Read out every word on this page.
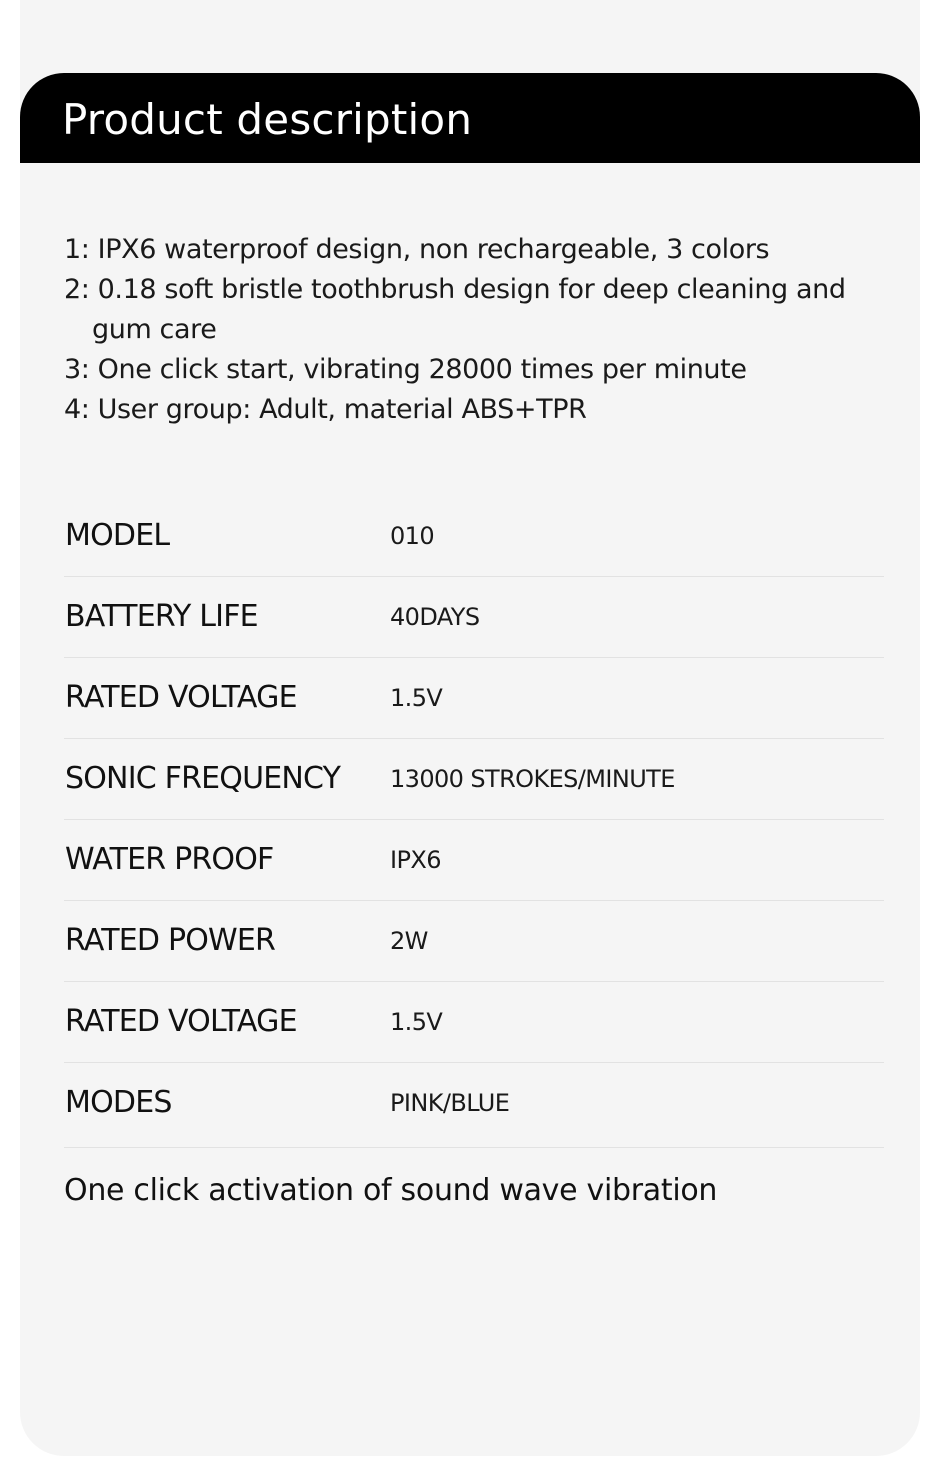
Product description
1: IPX6 waterproof design, non rechargeable, 3 colors
2: 0.18 soft bristle toothbrush design for deep cleaning and gum care
3: One click start, vibrating 28000 times per minute
4: User group: Adult, material ABS+TPR
MODEL	010
BATTERY LIFE	40DAYS
RATED VOLTAGE	1.5V
SONIC FREQUENCY 13000 STROKES/MINUTE
WATER PROOF	IPX6
RATED POWER	2W
RATED VOLTAGE	1.5V
MODES	PINK/BLUE
One click activation of sound wave vibration
